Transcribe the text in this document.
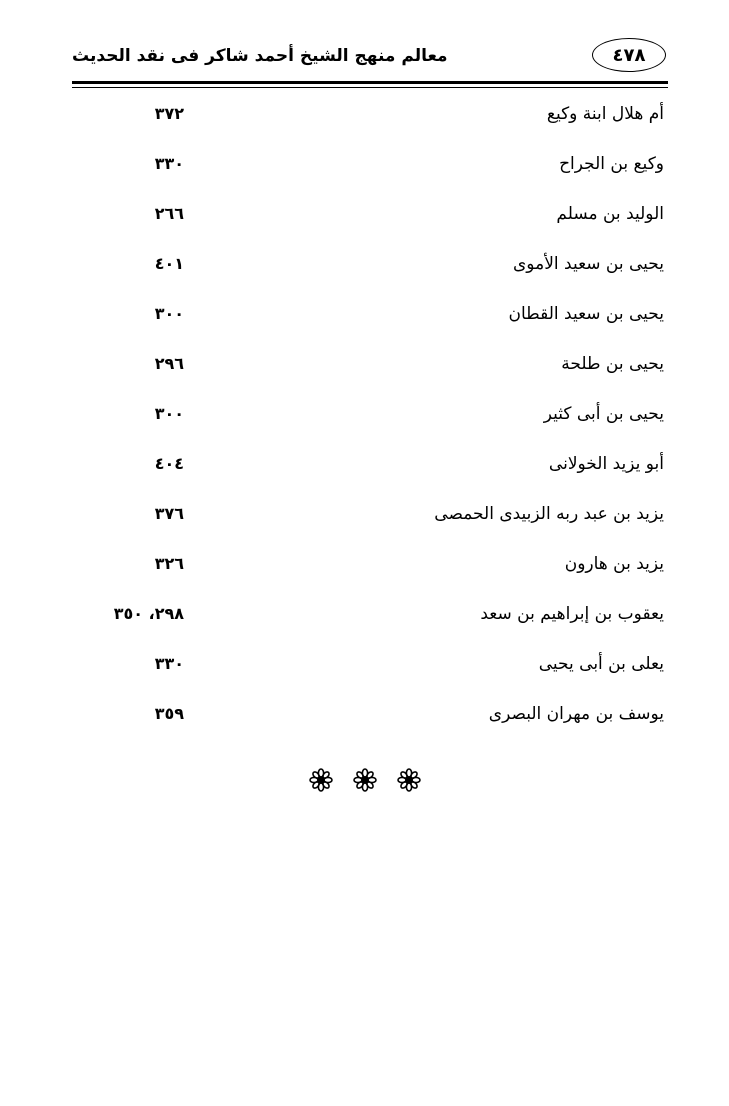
معالم منهج الشيخ أحمد شاكر فى نقد الحديث	٤٧٨
أم هلال ابنة وكيع
٣٧٢
وكيع بن الجراح
٣٣٠
الوليد بن مسلم
٢٦٦
يحيى بن سعيد الأموى
٤٠١
يحيى بن سعيد القطان
٣٠٠
يحيى بن طلحة
٢٩٦
يحيى بن أبى كثير
٣٠٠
أبو يزيد الخولانى
٤٠٤
يزيد بن عبد ربه الزبيدى الحمصى
٣٧٦
يزيد بن هارون
٣٢٦
يعقوب بن إبراهيم بن سعد
٢٩٨، ٣٥٠
يعلى بن أبى يحيى
٣٣٠
يوسف بن مهران البصرى
٣٥٩
